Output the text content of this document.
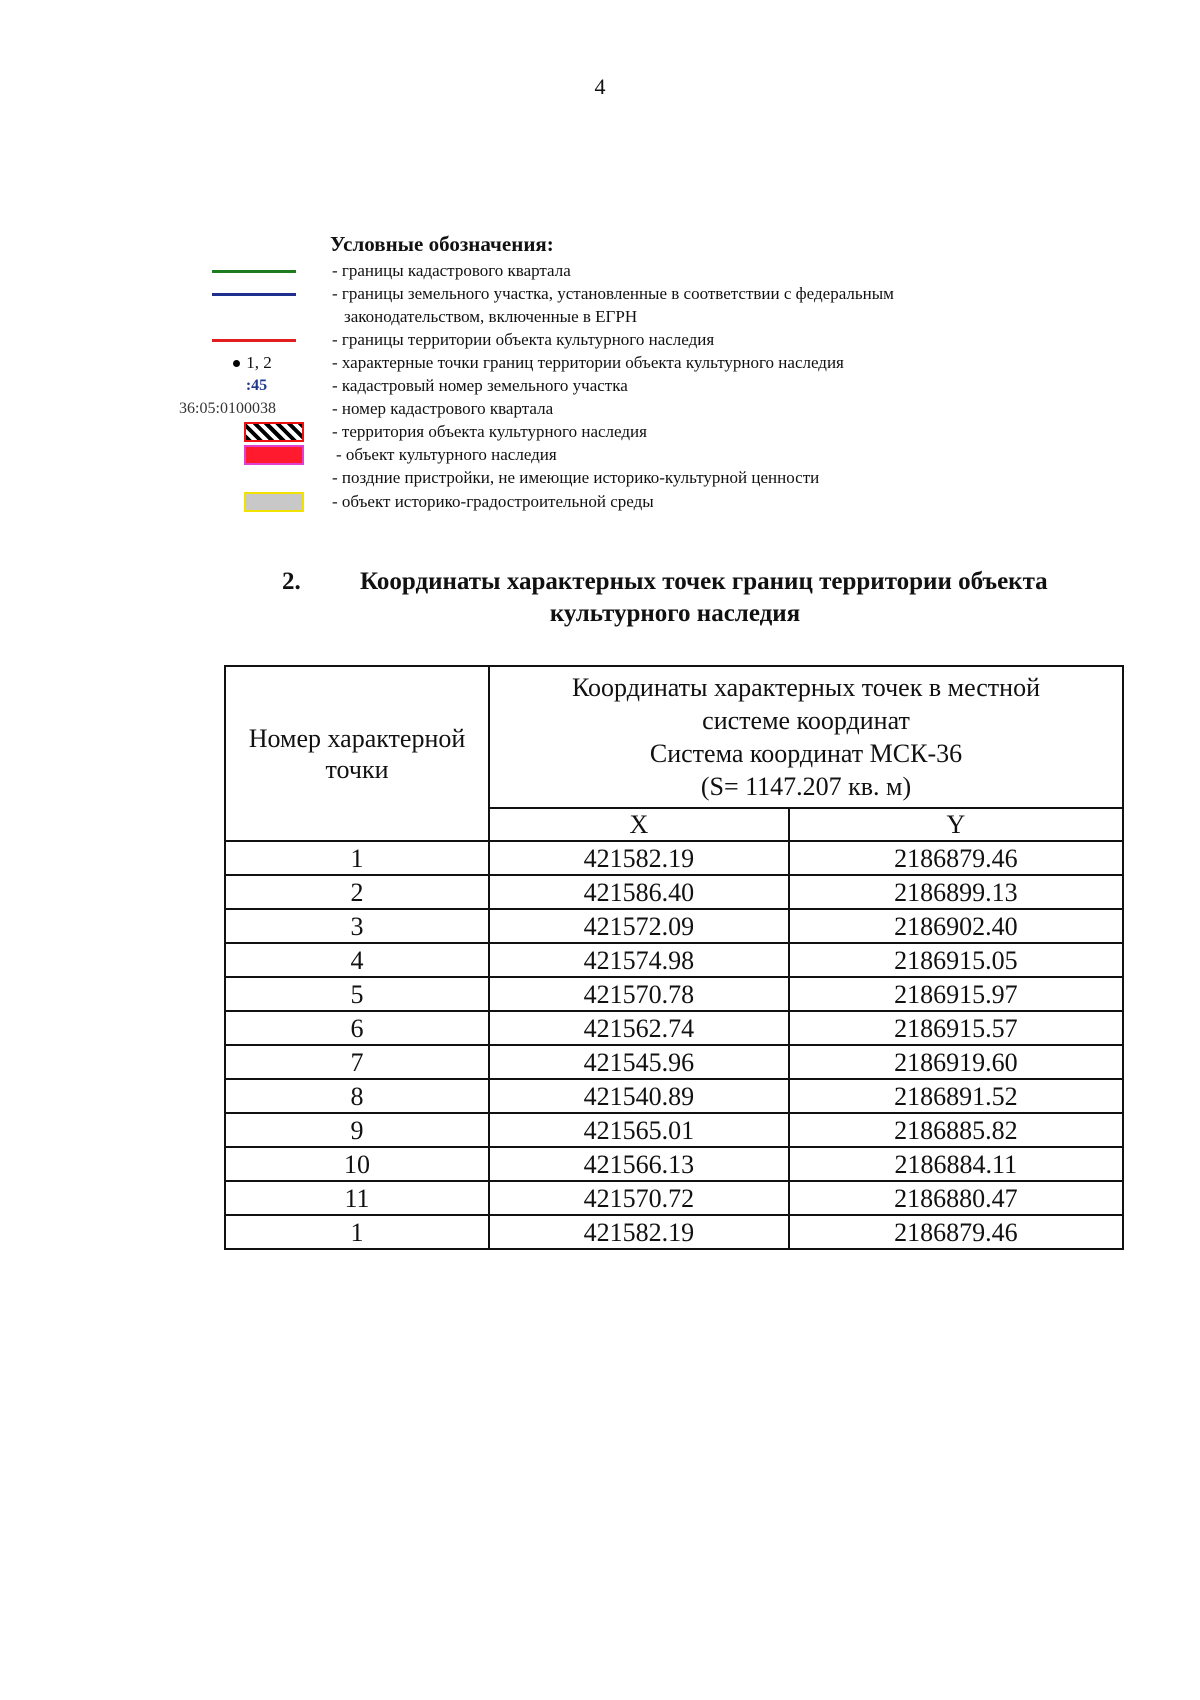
4
Условные обозначения:
- границы кадастрового квартала
- границы земельного участка, установленные в соответствии с федеральным
законодательством, включенные в ЕГРН
- границы территории объекта культурного наследия
1, 2	- характерные точки границ территории объекта культурного наследия
:45	- кадастровый номер земельного участка
36:05:0100038	- номер кадастрового квартала
- территория объекта культурного наследия
- объект культурного наследия
- поздние пристройки, не имеющие историко-культурной ценности
- объект историко-градостроительной среды
2. Координаты характерных точек границ территории объекта
культурного наследия
Номер характерной точки	Координаты характерных точек в местной системе координат
Система координат МСК-36
(S= 1147.207 кв. м)	

	X	Y
1	421582.19	2186879.46
2	421586.40	2186899.13
3	421572.09	2186902.40
4	421574.98	2186915.05
5	421570.78	2186915.97
6	421562.74	2186915.57
7	421545.96	2186919.60
8	421540.89	2186891.52
9	421565.01	2186885.82
10	421566.13	2186884.11
11	421570.72	2186880.47
1	421582.19	2186879.46
